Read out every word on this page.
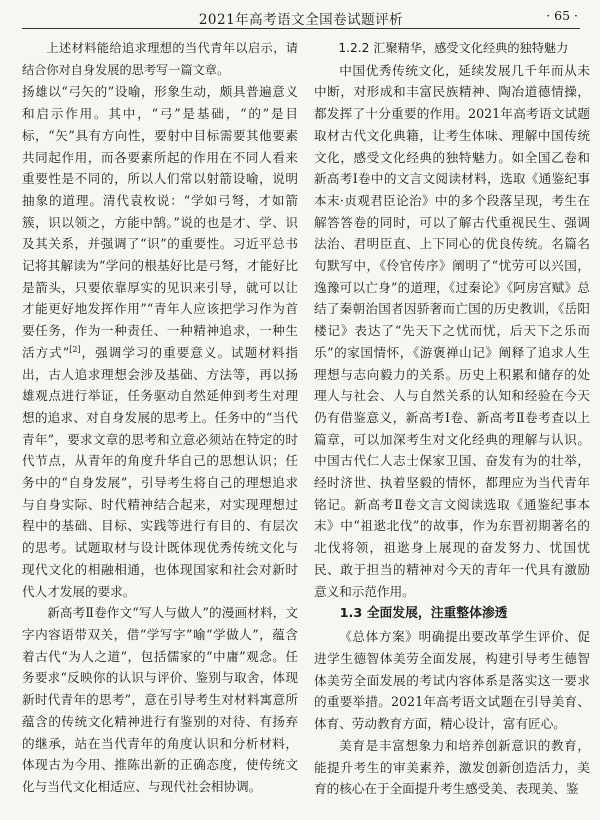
2021年高考语文全国卷试题评析	· 65 ·

上述材料能给追求理想的当代青年以启示，请结合你对自身发展的思考写一篇文章。

扬雄以“弓矢的”设喻，形象生动，颇具普遍意义和启示作用。其中，“弓”是基础，“的”是目标，“矢”具有方向性，要射中目标需要其他要素共同起作用，而各要素所起的作用在不同人看来重要性是不同的，所以人们常以射箭设喻，说明抽象的道理。清代袁枚说：“学如弓弩，才如箭簇，识以领之，方能中鹄。”说的也是才、学、识及其关系，并强调了“识”的重要性。习近平总书记将其解读为“学问的根基好比是弓弩，才能好比是箭头，只要依靠厚实的见识来引导，就可以让才能更好地发挥作用”“青年人应该把学习作为首要任务，作为一种责任、一种精神追求，一种生活方式”[2]，强调学习的重要意义。试题材料指出，古人追求理想会涉及基础、方法等，再以扬雄观点进行举证，任务驱动自然延伸到考生对理想的追求、对自身发展的思考上。任务中的“当代青年”，要求文章的思考和立意必须站在特定的时代节点，从青年的角度升华自己的思想认识；任务中的“自身发展”，引导考生将自己的理想追求与自身实际、时代精神结合起来，对实现理想过程中的基础、目标、实践等进行有目的、有层次的思考。试题取材与设计既体现优秀传统文化与现代文化的相融相通，也体现国家和社会对新时代人才发展的要求。

新高考Ⅱ卷作文“写人与做人”的漫画材料，文字内容语带双关，借“学写字”喻“学做人”，蕴含着古代“为人之道”，包括儒家的“中庸”观念。任务要求“反映你的认识与评价、鉴别与取舍，体现新时代青年的思考”，意在引导考生对材料寓意所蕴含的传统文化精神进行有鉴别的对待、有扬弃的继承，站在当代青年的角度认识和分析材料，体现古为今用、推陈出新的正确态度，使传统文化与当代文化相适应、与现代社会相协调。

1.2.2 汇聚精华，感受文化经典的独特魅力

中国优秀传统文化，延续发展几千年而从未中断，对形成和丰富民族精神、陶冶道德情操，都发挥了十分重要的作用。2021年高考语文试题取材古代文化典籍，让考生体味、理解中国传统文化，感受文化经典的独特魅力。如全国乙卷和新高考Ⅰ卷中的文言文阅读材料，选取《通鉴纪事本末·贞观君臣论治》中的多个段落呈现，考生在解答答卷的同时，可以了解古代重视民生、强调法治、君明臣直、上下同心的优良传统。名篇名句默写中，《伶官传序》阐明了“忧劳可以兴国，逸豫可以亡身”的道理，《过秦论》《阿房宫赋》总结了秦朝治国者因骄奢而亡国的历史教训，《岳阳楼记》表达了“先天下之忧而忧，后天下之乐而乐”的家国情怀，《游褒禅山记》阐释了追求人生理想与志向毅力的关系。历史上积累和储存的处理人与社会、人与自然关系的认知和经验在今天仍有借鉴意义，新高考Ⅰ卷、新高考Ⅱ卷考查以上篇章，可以加深考生对文化经典的理解与认识。中国古代仁人志士保家卫国、奋发有为的壮举，经时济世、执着坚毅的情怀，都理应为当代青年铭记。新高考Ⅱ卷文言文阅读选取《通鉴纪事本末》中“祖逖北伐”的故事，作为东晋初期著名的北伐将领，祖逖身上展现的奋发努力、忧国忧民、敢于担当的精神对今天的青年一代具有激励意义和示范作用。

1.3 全面发展，注重整体渗透

《总体方案》明确提出要改革学生评价、促进学生德智体美劳全面发展，构建引导考生德智体美劳全面发展的考试内容体系是落实这一要求的重要举措。2021年高考语文试题在引导美育、体育、劳动教育方面，精心设计，富有匠心。

美育是丰富想象力和培养创新意识的教育，能提升考生的审美素养，激发创新创造活力，美育的核心在于全面提升考生感受美、表现美、鉴
